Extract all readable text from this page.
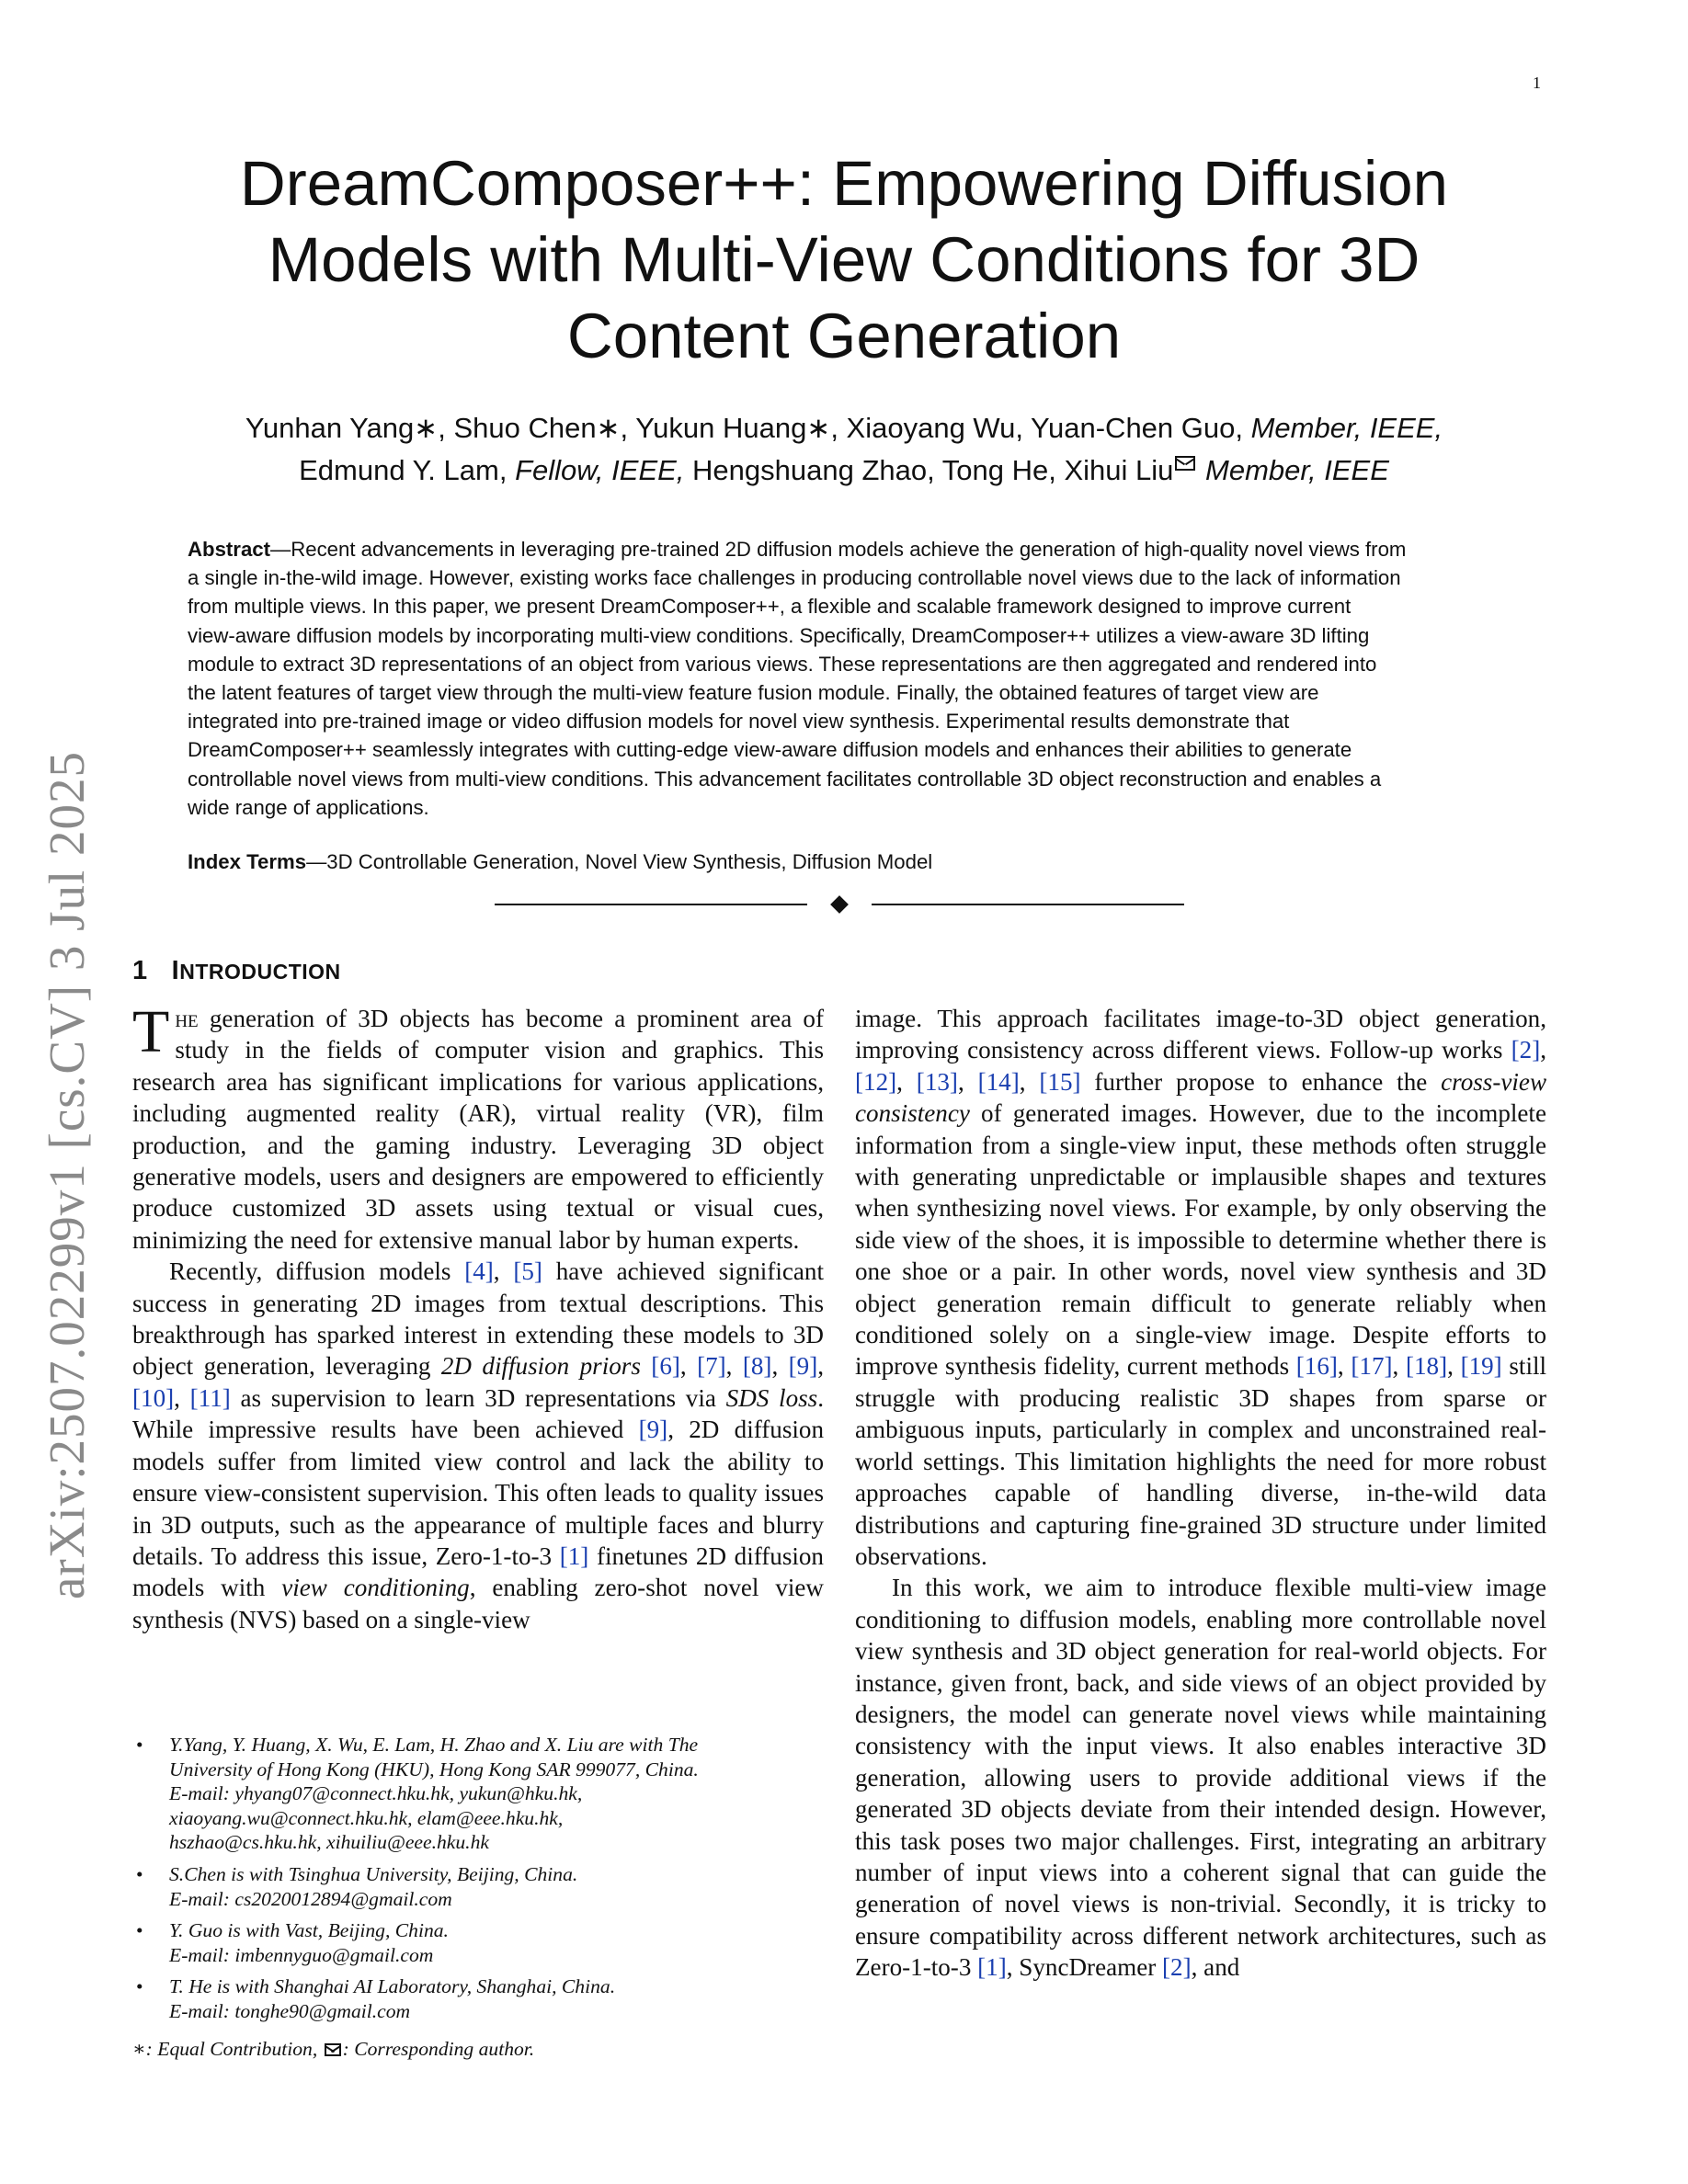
1
arXiv:2507.02299v1 [cs.CV] 3 Jul 2025
DreamComposer++: Empowering Diffusion
Models with Multi-View Conditions for 3D
Content Generation
Yunhan Yang∗, Shuo Chen∗, Yukun Huang∗, Xiaoyang Wu, Yuan-Chen Guo, Member, IEEE,
Edmund Y. Lam, Fellow, IEEE, Hengshuang Zhao, Tong He, Xihui Liu Member, IEEE
Abstract—Recent advancements in leveraging pre-trained 2D diffusion models achieve the generation of high-quality novel views from
a single in-the-wild image. However, existing works face challenges in producing controllable novel views due to the lack of information
from multiple views. In this paper, we present DreamComposer++, a flexible and scalable framework designed to improve current
view-aware diffusion models by incorporating multi-view conditions. Specifically, DreamComposer++ utilizes a view-aware 3D lifting
module to extract 3D representations of an object from various views. These representations are then aggregated and rendered into
the latent features of target view through the multi-view feature fusion module. Finally, the obtained features of target view are
integrated into pre-trained image or video diffusion models for novel view synthesis. Experimental results demonstrate that
DreamComposer++ seamlessly integrates with cutting-edge view-aware diffusion models and enhances their abilities to generate
controllable novel views from multi-view conditions. This advancement facilitates controllable 3D object reconstruction and enables a
wide range of applications.
Index Terms—3D Controllable Generation, Novel View Synthesis, Diffusion Model
1 INTRODUCTION

The generation of 3D objects has become a prominent area of study in the fields of computer vision and graphics. This research area has significant implications for various applications, including augmented reality (AR), virtual reality (VR), film production, and the gaming industry. Leveraging 3D object generative models, users and designers are empowered to efficiently produce customized 3D assets using textual or visual cues, minimizing the need for extensive manual labor by human experts.

Recently, diffusion models [4], [5] have achieved significant success in generating 2D images from textual descriptions. This breakthrough has sparked interest in extending these models to 3D object generation, leveraging 2D diffusion priors [6], [7], [8], [9], [10], [11] as supervision to learn 3D representations via SDS loss. While impressive results have been achieved [9], 2D diffusion models suffer from limited view control and lack the ability to ensure view-consistent supervision. This often leads to quality issues in 3D outputs, such as the appearance of multiple faces and blurry details. To address this issue, Zero-1-to-3 [1] finetunes 2D diffusion models with view conditioning, enabling zero-shot novel view synthesis (NVS) based on a single-view

image. This approach facilitates image-to-3D object generation, improving consistency across different views. Follow-up works [2], [12], [13], [14], [15] further propose to enhance the cross-view consistency of generated images. However, due to the incomplete information from a single-view input, these methods often struggle with generating unpredictable or implausible shapes and textures when synthesizing novel views. For example, by only observing the side view of the shoes, it is impossible to determine whether there is one shoe or a pair. In other words, novel view synthesis and 3D object generation remain difficult to generate reliably when conditioned solely on a single-view image. Despite efforts to improve synthesis fidelity, current methods [16], [17], [18], [19] still struggle with producing realistic 3D shapes from sparse or ambiguous inputs, particularly in complex and unconstrained real-world settings. This limitation highlights the need for more robust approaches capable of handling diverse, in-the-wild data distributions and capturing fine-grained 3D structure under limited observations.

In this work, we aim to introduce flexible multi-view image conditioning to diffusion models, enabling more controllable novel view synthesis and 3D object generation for real-world objects. For instance, given front, back, and side views of an object provided by designers, the model can generate novel views while maintaining consistency with the input views. It also enables interactive 3D generation, allowing users to provide additional views if the generated 3D objects deviate from their intended design. However, this task poses two major challenges. First, integrating an arbitrary number of input views into a coherent signal that can guide the generation of novel views is non-trivial. Secondly, it is tricky to ensure compatibility across different network architectures, such as Zero-1-to-3 [1], SyncDreamer [2], and

• Y.Yang, Y. Huang, X. Wu, E. Lam, H. Zhao and X. Liu are with The
University of Hong Kong (HKU), Hong Kong SAR 999077, China.
E-mail: yhyang07@connect.hku.hk, yukun@hku.hk,
xiaoyang.wu@connect.hku.hk, elam@eee.hku.hk,
hszhao@cs.hku.hk, xihuiliu@eee.hku.hk
• S.Chen is with Tsinghua University, Beijing, China.
E-mail: cs2020012894@gmail.com
• Y. Guo is with Vast, Beijing, China.
E-mail: imbennyguo@gmail.com
• T. He is with Shanghai AI Laboratory, Shanghai, China.
E-mail: tonghe90@gmail.com
∗: Equal Contribution, : Corresponding author.
